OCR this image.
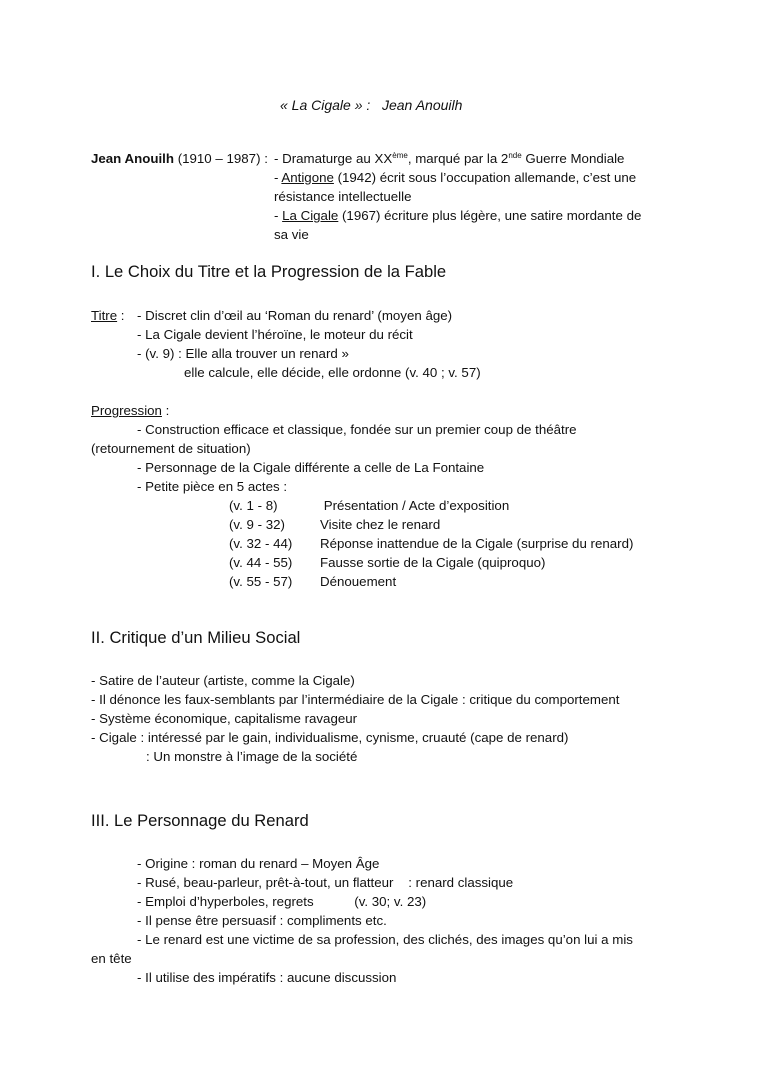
« La Cigale » : Jean Anouilh
Jean Anouilh (1910 – 1987) : - Dramaturge au XXème, marqué par la 2nde Guerre Mondiale
- Antigone (1942) écrit sous l’occupation allemande, c’est une
résistance intellectuelle
- La Cigale (1967) écriture plus légère, une satire mordante de
sa vie
I. Le Choix du Titre et la Progression de la Fable
Titre : - Discret clin d’œil au ‘Roman du renard’ (moyen âge)
- La Cigale devient l’héroïne, le moteur du récit
- (v. 9) : Elle alla trouver un renard »
elle calcule, elle décide, elle ordonne (v. 40 ; v. 57)
Progression :
- Construction efficace et classique, fondée sur un premier coup de théâtre
(retournement de situation)
- Personnage de la Cigale différente a celle de La Fontaine
- Petite pièce en 5 actes :
(v. 1 - 8)	Présentation / Acte d’exposition
(v. 9 - 32)	Visite chez le renard
(v. 32 - 44) Réponse inattendue de la Cigale (surprise du renard)
(v. 44 - 55) Fausse sortie de la Cigale (quiproquo)
(v. 55 - 57) Dénouement
II. Critique d’un Milieu Social
- Satire de l’auteur (artiste, comme la Cigale)
- Il dénonce les faux-semblants par l’intermédiaire de la Cigale : critique du comportement
- Système économique, capitalisme ravageur
- Cigale : intéressé par le gain, individualisme, cynisme, cruauté (cape de renard)
: Un monstre à l’image de la société
III. Le Personnage du Renard
- Origine : roman du renard – Moyen Âge
- Rusé, beau-parleur, prêt-à-tout, un flatteur    : renard classique
- Emploi d’hyperboles, regrets           (v. 30; v. 23)
- Il pense être persuasif : compliments etc.
- Le renard est une victime de sa profession, des clichés, des images qu’on lui a mis
en tête
- Il utilise des impératifs : aucune discussion
